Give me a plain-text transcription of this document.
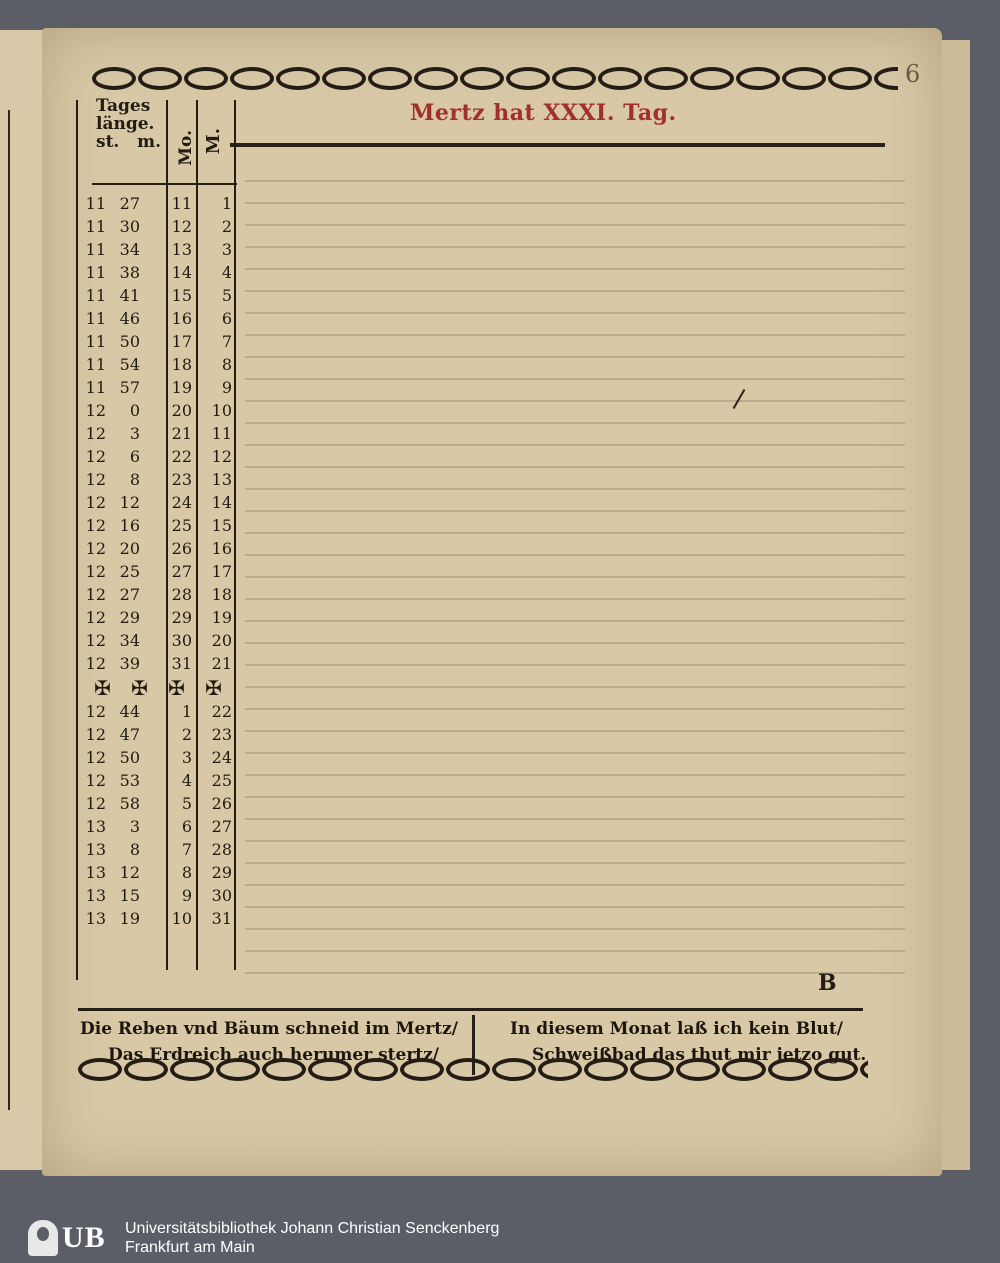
6
Mertz hat XXXI. Tag.
Tages
länge.
st.   m. Mo. M.
11 27	11	1
11 30	12	2
11 34	13	3
11 38	14	4
11 41	15	5
11 46	16	6
11 50	17	7
11 54	18	8
11 57	19	9
12	0	20	10
12	3	21	11
12	6	22	12
12	8	23	13
12 12	24	14
12 16	25	15
12 20	26	16
12 25	27	17
12 27	28	18
12 29	29	19
12 34	30	20
12 39	31	21
✠	✠	✠	✠
12 44	1	22
12 47	2	23
12 50	3	24
12 53	4	25
12 58	5	26
13	3	6	27
13	8	7	28
13 12	8	29
13 15	9	30
13 19	10	31
B
Die Reben vnd Bäum schneid im Mertz/
Das Erdreich auch herumer stertz/
In diesem Monat laß ich kein Blut/
Schweißbad das thut mir jetzo gut.
UB Universitätsbibliothek Johann Christian Senckenberg
Frankfurt am Main
